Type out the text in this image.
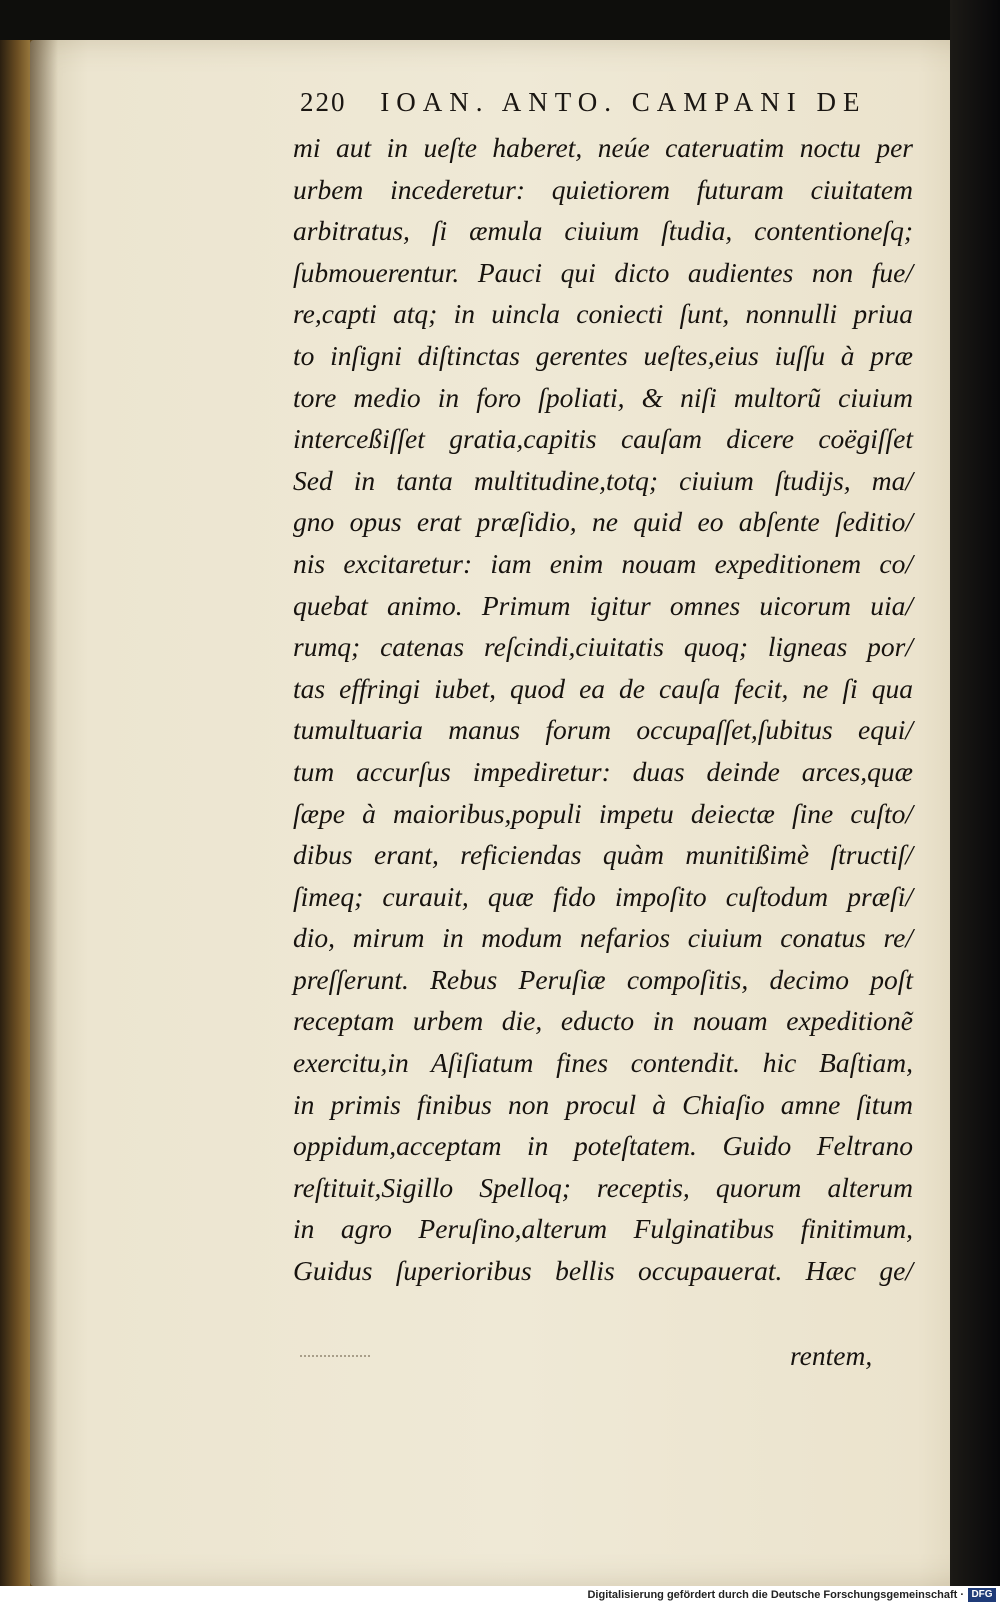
220 IOAN. ANTO. CAMPANI DE
mi aut in ueſte haberet, neúe cateruatim noctu per
urbem incederetur: quietiorem futuram ciuitatem
arbitratus, ſi æmula ciuium ſtudia, contentioneſq;
ſubmouerentur. Pauci qui dicto audientes non fue/
re,capti atq; in uincla coniecti ſunt, nonnulli priua
to inſigni diſtinctas gerentes ueſtes,eius iuſſu à præ
tore medio in foro ſpoliati, & niſi multorũ ciuium
interceßiſſet gratia,capitis cauſam dicere coëgiſſet
Sed in tanta multitudine,totq; ciuium ſtudijs, ma/
gno opus erat præſidio, ne quid eo abſente ſeditio/
nis excitaretur: iam enim nouam expeditionem co/
quebat animo. Primum igitur omnes uicorum uia/
rumq; catenas reſcindi,ciuitatis quoq; ligneas por/
tas effringi iubet, quod ea de cauſa fecit, ne ſi qua
tumultuaria manus forum occupaſſet,ſubitus equi/
tum accurſus impediretur: duas deinde arces,quæ
ſæpe à maioribus,populi impetu deiectæ ſine cuſto/
dibus erant, reficiendas quàm munitißimè ſtructiſ/
ſimeq; curauit, quæ fido impoſito cuſtodum præſi/
dio, mirum in modum nefarios ciuium conatus re/
preſſerunt. Rebus Peruſiæ compoſitis, decimo poſt
receptam urbem die, educto in nouam expeditionẽ
exercitu,in Aſiſiatum fines contendit. hic Baſtiam,
in primis finibus non procul à Chiaſio amne ſitum
oppidum,acceptam in poteſtatem. Guido Feltrano
reſtituit,Sigillo Spelloq; receptis, quorum alterum
in agro Peruſino,alterum Fulginatibus finitimum,
Guidus ſuperioribus bellis occupauerat. Hæc ge/
rentem,
Digitalisierung gefördert durch die Deutsche Forschungsgemeinschaft · DFG
